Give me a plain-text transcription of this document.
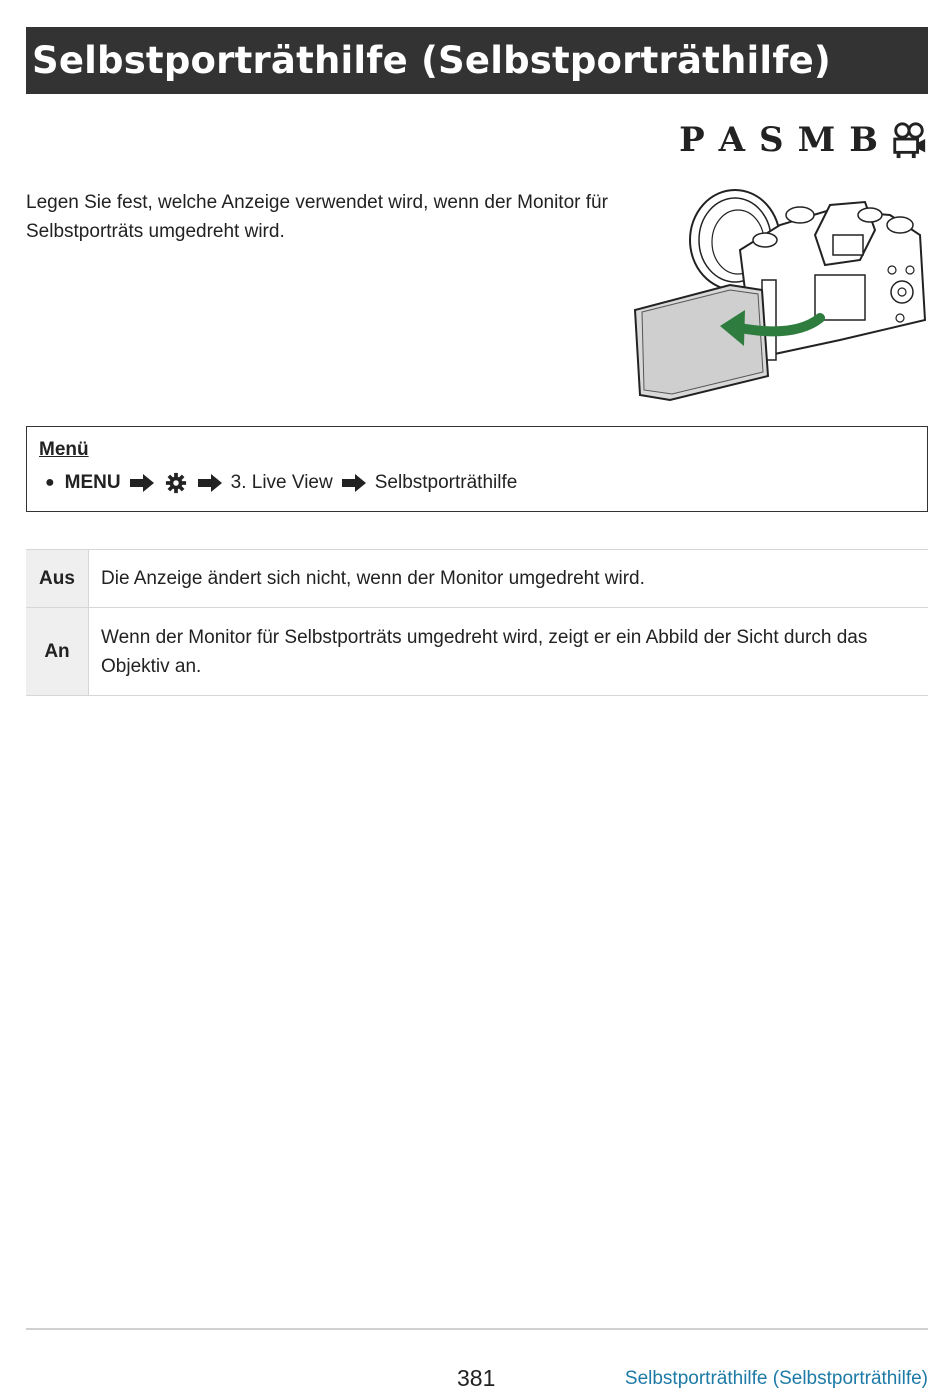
Selbstporträthilfe (Selbstporträthilfe)
P A S M B
Legen Sie fest, welche Anzeige verwendet wird, wenn der Monitor für Selbstporträts umgedreht wird.
Menü
● MENU	3. Live View Selbstporträthilfe
Aus	Die Anzeige ändert sich nicht, wenn der Monitor umgedreht wird.
An	Wenn der Monitor für Selbstporträts umgedreht wird, zeigt er ein Abbild der Sicht durch das Objektiv an.
381	Selbstporträthilfe (Selbstporträthilfe)
